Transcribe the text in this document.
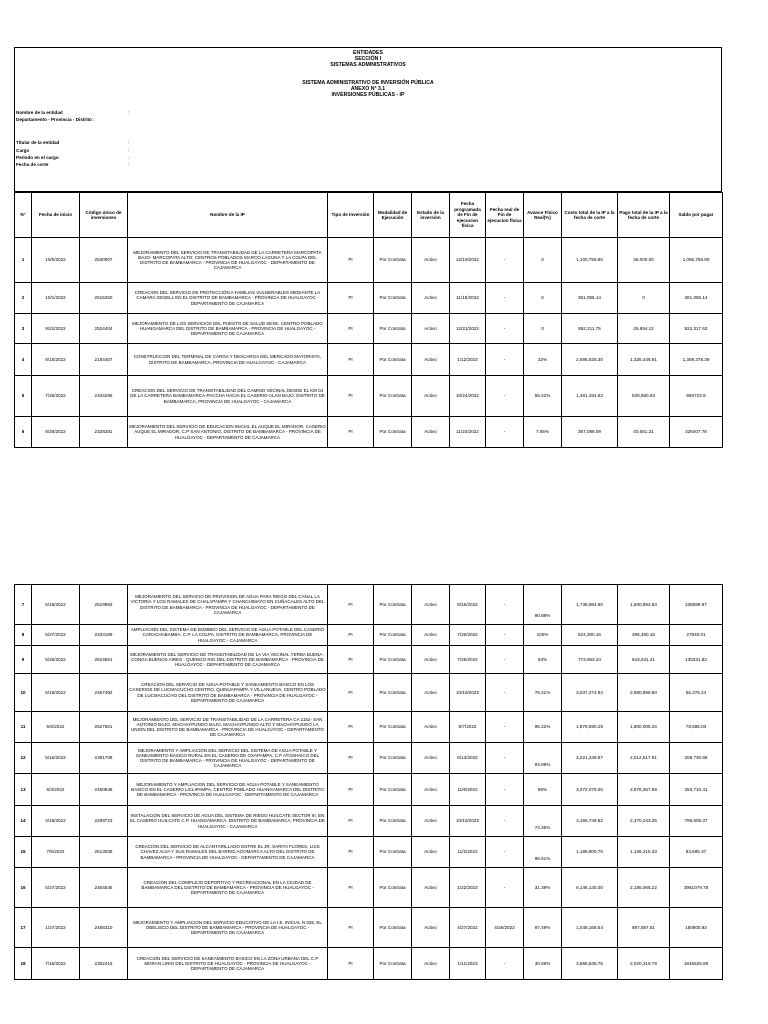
ENTIDADES
SECCIÓN I
SISTEMAS ADMINISTRATIVOS
SISTEMA ADMINISTRATIVO DE INVERSIÓN PÚBLICA
ANEXO N° 3.1
INVERSIONES PÚBLICAS - IP
Nombre de la entidad	:
Departamento - Provincia - Distrito :
Titular de la entidad	:
Cargo	:
Periodo en el cargo	:
Fecha de corte	:
N°	Fecha de inicio	Código único de inversiones	Nombre de la IP	Tipo de Inversión	Modalidad de Ejecución	Estado de la inversión	Fecha programada de Fin de ejecucion física	Fecha real de Fin de ejecucion física	Avance Físico Real(%)	Costo total de la IP a la fecha de corte	Pago total de la IP a la fecha de corte	Saldo por pagar
1	10/5/2022	2530007	MEJORAMIENTO DEL SERVICIO DE TRANSITABILIDAD DE LA CARRETERA MARCOPATA BAJO- MARCOPATA ALTO; CENTROS POBLADOS MARCO LAGUNA Y LA COLPA DEL DISTRITO DE BAMBAMARCA - PROVINCIA DE HUALGAYOC - DEPARTAMENTO DE CAJAMARCA	PI	Por Contrata	Activo	12/19/2022	-	0	1,100,756.90	35,000.00	1,065,756.90
2	10/1/2022	2515250	CREACION DEL SERVICIO DE PROTECCIÓN A FAMILIAS VULNERABLES MEDIANTE LA CAMARA GESELL EN EL DISTRITO DE BAMBAMARCA - PROVINCIA DE HUALGAYOC - DEPARTAMENTO DE CAJAMARCA	PI	Por Contrata	Activo	11/15/2022	-	0	361,056.14	0	361,056.14
3	9/22/2022	2524404	MEJORAMIENTO DE LOS SERVICIOS DEL PUESTO DE SALUD SEXE, CENTRO POBLADO HUANGAMARCA DEL DISTRITO DE BAMBAMARCA - PROVINCIA DE HUALGAYOC - DEPARTAMENTO DE CAJAMARCA	PI	Por Contrata	Activo	12/21/2022	-	0	952,211.75	29,894.12	922,317.63
4	8/15/2022	2184457	CONSTRUCCION DEL TERMINAL DE CARGA Y DESCARGA DEL MERCADO MAYORISTA, DISTRITO DE BAMBAMARCA, PROVINCIA DE HUALGAYOC - CAJAMARCA	PI	Por Contrata	Activo	1/12/2023	-	32%	2,695,825.30	1,326,446.91	1,369,378.39
5	7/26/2022	2334295	CREACION DEL SERVICIO DE TRANSITABILIDAD DEL CAMINO VECINAL DESDE EL KM 04 DE LA CARRETERA BAMBAMARCA-PACCHA HACIA EL CASERIO-ALAN BAJO, DISTRITO DE BAMBAMARCA, PROVINCIA DE HUALGAYOC - CAJAMARCA	PI	Por Contrata	Activo	10/24/2022	-	59.42%	1,481,284.53	530,560.63	950723.9
6	8/26/2022	2328281	MEJORAMIENTO DEL SERVICIO DE EDUCACION INICIAL EL AUQUE EL MIRADOR, CASERIO AUQUE EL MIRADOR, C.P SAN ANTONIO, DISTRITO DE BAMBAMARCA - PROVINCIA DE HUALGAYOC - DEPARTAMENTO DE CAJAMARCA	PI	Por Contrata	Activo	11/24/2022	-	7.65%	367,089.09	40,681.31	326407.78
7	5/18/2022	2519893	MEJORAMIENTO DEL SERVICIO DE PROVISION DE AGUA PARA RIEGO DEL CANAL LA VICTORIA Y LOS RAMALES DE CHALAPAMPA Y CHANCHIMAYO EN CUÑACALES ALTO DEL DISTRITO DE BAMBAMARCA - PROVINCIA DE HUALGAYOC - DEPARTAMENTO DE CAJAMARCA	PI	Por Contrata	Activo	8/16/2022	-	90.88%	1,738,984.80	1,500,894.83	238089.97
8	5/27/2022	2333189	AMPLIACION DEL SISTEMA DE BOMBEO DEL SERVICIO DE AGUA POTABLE DEL CASERIO CARACHABAMBA, C.P. LA COLPA, DISTRITO DE BAMBAMARCA, PROVINCIA DE HUALGAYOC - CAJAMARCA	PI	Por Contrata	Activo	7/26/2022	-	100%	524,300.16	496,460.15	27840.01
9	5/26/2022	2524561	MEJORAMIENTO DEL SERVICIO DE TRANSITABILIDAD DE LA VIA VECINAL YERBA BUENA - CONGA BUENOS AIRES - QUENGO RIO DEL DISTRITO DE BAMBAMARCA - PROVINCIA DE HUALGAYOC - DEPARTAMENTO DE CAJAMARCA	PI	Por Contrata	Activo	7/29/2022	-	93%	773,963.24	643,631.41	130331.83
10	5/19/2022	2457492	CREACION DEL SERVICIO DE AGUA POTABLE Y SANEAMIENTO BASICO EN LOS CASERIOS DE LUCMACUCHO CENTRO, QUINUAPAMPA Y VILLANUEVA, CENTRO POBLADO DE LUCMACUCHO DEL DISTRITO DE BAMBAMARCA - PROVINCIA DE HUALGAYOC - DEPARTAMENTO DE CAJAMARCA	PI	Por Contrata	Activo	10/16/2022	-	79.41%	3,037,274.84	2,980,899.60	56,375.24
11	5/6/2022	2527561	MEJORAMIENTO DEL SERVICIO DE TRANSITABILIDAD DE LA CARRETERA CA 1152- SAN ANTONIO BAJO, MACHAYPUNGO BAJO, MACHAYPUNGO ALTO Y MACHAYPUNGO LA UNION DEL DISTRITO DE BAMBAMARCA - PROVINCIA DE HUALGAYOC - DEPARTAMENTO DE CAJAMARCA	PI	Por Contrata	Activo	8/7/2022	-	96.22%	1,878,590.29	1,800,005.26	78,585.03
12	5/16/2022	2381708	MEJORAMIENTO Y AMPLIACION DEL SERVICIO DEL SISTEMA DE AGUA POTABLE Y SANEAMIENTO BASICO RURAL EN EL CASERIO DE OXAPAMPA, C.P ATOSHAICO DEL DISTRITO DE BAMBAMARCA - PROVINCIA DE HUALGAYOC - DEPARTAMENTO DE CAJAMARCA	PI	Por Contrata	Activo	8/13/2022	-	93.89%	2,221,248.57	2,012,517.91	208,730.66
13	6/3/2022	2460848	MEJORAMIENTO Y AMPLIACION DEL SERVICIO DE AGUA POTABLE Y SANEAMIENTO BASICO EN EL CASERIO LICLIPAMPA, CENTRO POBLADO HUANGAMARCA DEL DISTRITO DE BAMBAMARCA - PROVINCIA DE HUALGAYOC - DEPARTAMENTO DE CAJAMARCA	PI	Por Contrata	Activo	11/6/2022	-	89%	3,372,078.00	2,978,367.59	393,710.41
14	4/18/2022	2269723	INSTALACION DEL SERVICIO DE AGUA DEL SISTEMA DE RIEGO HUILCATE SECTOR III, EN EL CASERIO HUILCATE C.P. HUANGAMARCA, DISTRITO DE BAMBAMARCA, PROVINCIA DE HUALGAYOC - CAJAMARCA	PI	Por Contrata	Activo	10/15/2022	-	74.35%	3,165,749.62	2,370,243.25	795,506.37
15	7/5/2022	2513035	CREACION DEL SERVICIO DE ALCANTARILLADO ENTRE EL JR. SARITA FLORES, LUIS CHAVEZ ALVA Y SUS RAMALES DEL BARRIO AGOMARCA ALTO DEL DISTRITO DE BAMBAMARCA - PROVINCIA DE HUALGAYOC - DEPARTAMENTO DE CAJAMARCA	PI	Por Contrata	Activo	11/2/2022	-	96.61%	1,189,800.70	1,106,215.33	83,585.37
16	5/27/2022	2464545	CREACION DEL COMPLEJO DEPORTIVO Y RECREACIONAL EN LA CIUDAD DE BAMBAMARCA DEL DISTRITO DE BAMBAMARCA - PROVINCIA DE HUALGAYOC - DEPARTAMENTO DE CAJAMARCA	PI	Por Contrata	Activo	1/22/2023	-	31.39%	6,146,145.00	2,185,065.22	3961079.78
17	1/27/2022	2456310	MEJORAMIENTO Y AMPLIACION DEL SERVICIO EDUCATIVO DE LA I.E. INICIAL N 535, EL OBELISCO DEL DISTRITO DE BAMBAMARCA - PROVINCIA DE HUALGAYOC - DEPARTAMENTO DE CAJAMARCA	PI	Por Contrata	Activo	4/27/2022	4/26/2022	97.49%	1,048,168.54	897,567.61	150600.93
18	7/15/2022	2362415	CREACION DEL SERVICIO DE SANEAMIENTO BASICO EN LA ZONA URBANA DEL C.P MORAN LIRIO DEL DISTRITO DE HUALGAYOC - PROVINCIA DE HUALGAYOC - DEPARTAMENTO DE CAJAMARCA	PI	Por Contrata	Activo	1/11/2023	-	30.68%	3,866,845.76	2,020,319.78	1846525.98
